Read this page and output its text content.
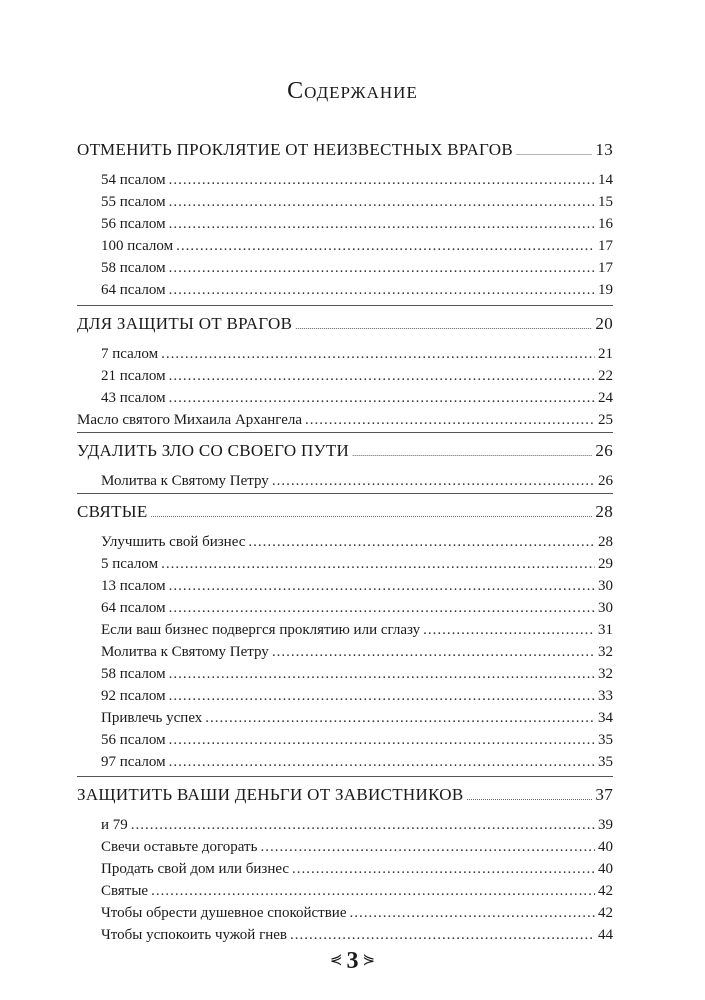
Содержание
ОТМЕНИТЬ ПРОКЛЯТИЕ ОТ НЕИЗВЕСТНЫХ ВРАГОВ .....	13
54 псалом .....	14
55 псалом .....	15
56 псалом .....	16
100 псалом .....	17
58 псалом .....	17
64 псалом .....	19
ДЛЯ ЗАЩИТЫ ОТ ВРАГОВ .....	20
7 псалом .....	21
21 псалом .....	22
43 псалом .....	24
Масло святого Михаила Архангела .....	25
УДАЛИТЬ ЗЛО СО СВОЕГО ПУТИ .....	26
Молитва к Святому Петру .....	26
СВЯТЫЕ .....	28
Улучшить свой бизнес .....	28
5 псалом .....	29
13 псалом .....	30
64 псалом .....	30
Если ваш бизнес подвергся проклятию или сглазу .....	31
Молитва к Святому Петру .....	32
58 псалом .....	32
92 псалом .....	33
Привлечь успех .....	34
56 псалом .....	35
97 псалом .....	35
ЗАЩИТИТЬ ВАШИ ДЕНЬГИ ОТ ЗАВИСТНИКОВ .....	37
и 79 .....	39
Свечи оставьте догорать .....	40
Продать свой дом или бизнес .....	40
Святые .....	42
Чтобы обрести душевное спокойствие .....	42
Чтобы успокоить чужой гнев .....	44
⋞ 3 ⋟
